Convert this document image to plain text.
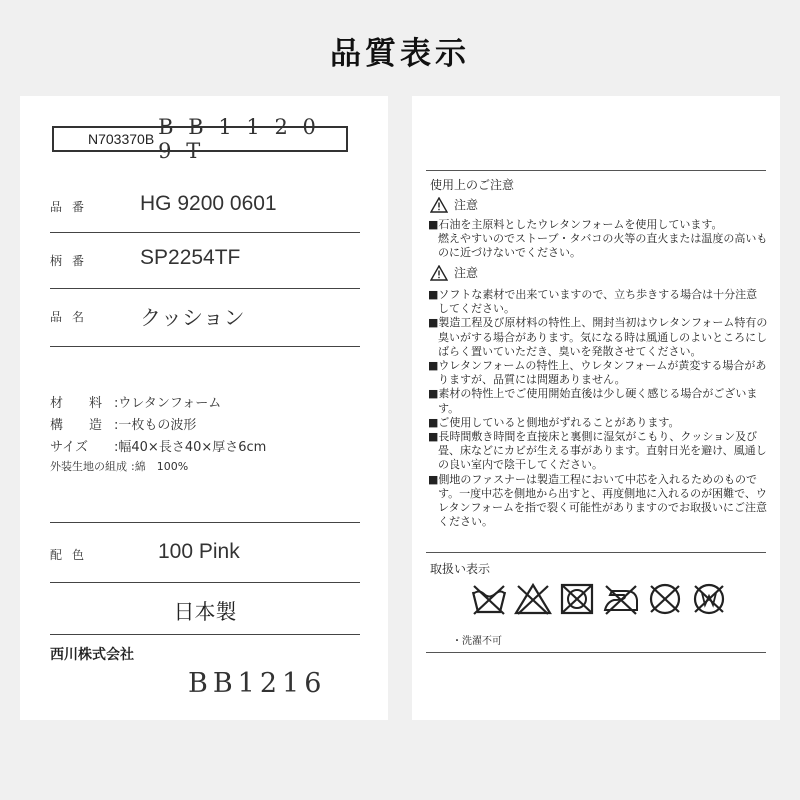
品質表示
N703370B B B 1 1 2 0 9 T
品番 HG 9200 0601
柄番 SP2254TF
品名 クッション
材　　料 :ウレタンフォーム
構　　造 :一枚もの波形
サイズ :幅40×長さ40×厚さ6cm
外装生地の組成 :綿　100%
配色	100 Pink
日本製
西川株式会社
BB1216
使用上のご注意
注意

■石油を主原料としたウレタンフォームを使用しています。
燃えやすいのでストーブ・タバコの火等の直火または温度の高いものに近づけないでください。

注意

■ソフトな素材で出来ていますので、立ち歩きする場合は十分注意してください。

■製造工程及び原材料の特性上、開封当初はウレタンフォーム特有の臭いがする場合があります。気になる時は風通しのよいところにしばらく置いていただき、臭いを発散させてください。

■ウレタンフォームの特性上、ウレタンフォームが黄変する場合がありますが、品質には問題ありません。

■素材の特性上でご使用開始直後は少し硬く感じる場合がございます。

■ご使用していると側地がずれることがあります。

■長時間敷き時間を直接床と裏側に湿気がこもり、クッション及び畳、床などにカビが生える事があります。直射日光を避け、風通しの良い室内で陰干してください。

■側地のファスナーは製造工程において中芯を入れるためのものです。一度中芯を側地から出すと、再度側地に入れるのが困難で、ウレタンフォームを指で裂く可能性がありますのでお取扱いにご注意ください。

取扱い表示
・洗濯不可
